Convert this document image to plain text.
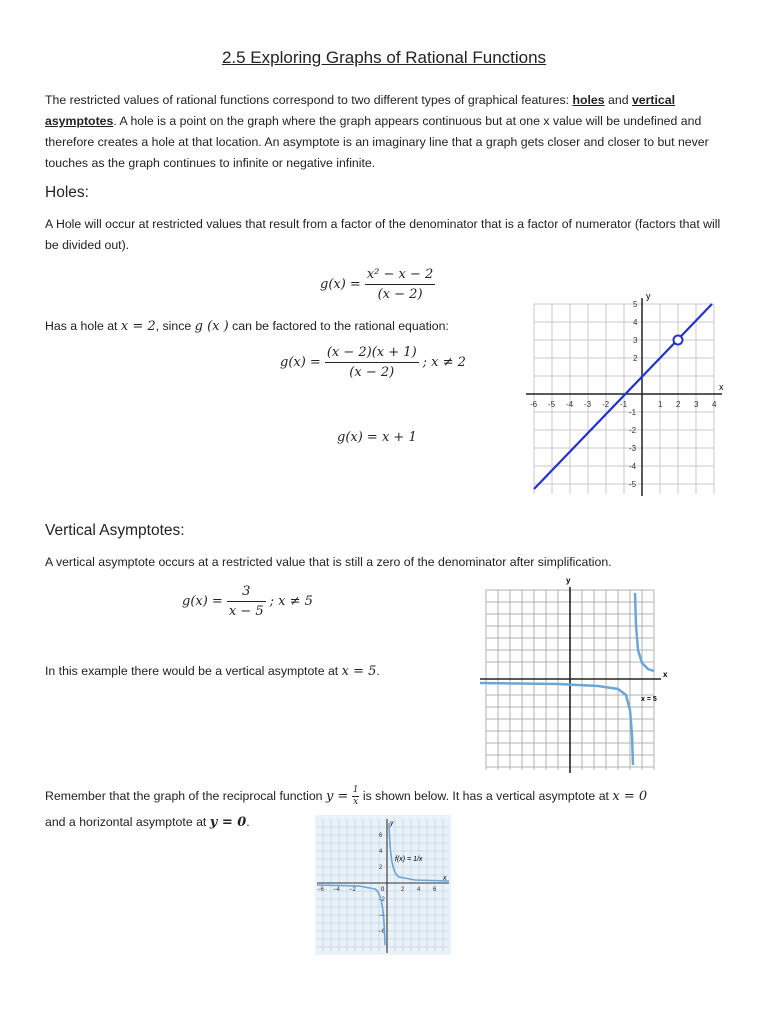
2.5 Exploring Graphs of Rational Functions
The restricted values of rational functions correspond to two different types of graphical features: holes and vertical asymptotes. A hole is a point on the graph where the graph appears continuous but at one x value will be undefined and therefore creates a hole at that location. An asymptote is an imaginary line that a graph gets closer and closer to but never touches as the graph continues to infinite or negative infinite.
Holes:
A Hole will occur at restricted values that result from a factor of the denominator that is a factor of numerator (factors that will be divided out).
$g(x) = \frac{\text{x² − x − 2}}{(x - 2)}$
Has a hole at x = 2, since g (x ) can be factored to the rational equation:
$g(x) = \frac{(x - 2)(x + 1)}{(x - 2)}$ ; x ≠ 2
g(x) = x + 1
x
y
-6 -5 -4 -3 -2 -1	1 2 3 4
5
4
3
2
-1
-2
-3
-4
-5
Vertical Asymptotes:
A vertical asymptote occurs at a restricted value that is still a zero of the denominator after simplification.
$g(x) = \frac{3}{x - 5}$ ; x ≠ 5
In this example there would be a vertical asymptote at x = 5.	x
y
x = 5
Remember that the graph of the reciprocal function $y = \frac{1}{x}$ is shown below. It has a vertical asymptote at x = 0
and a horizontal asymptote at y = 0.
x
y
0
−6 −4 −2	2 4 6
6
4
2
−2
−4
−6
f(x) = 1/x
